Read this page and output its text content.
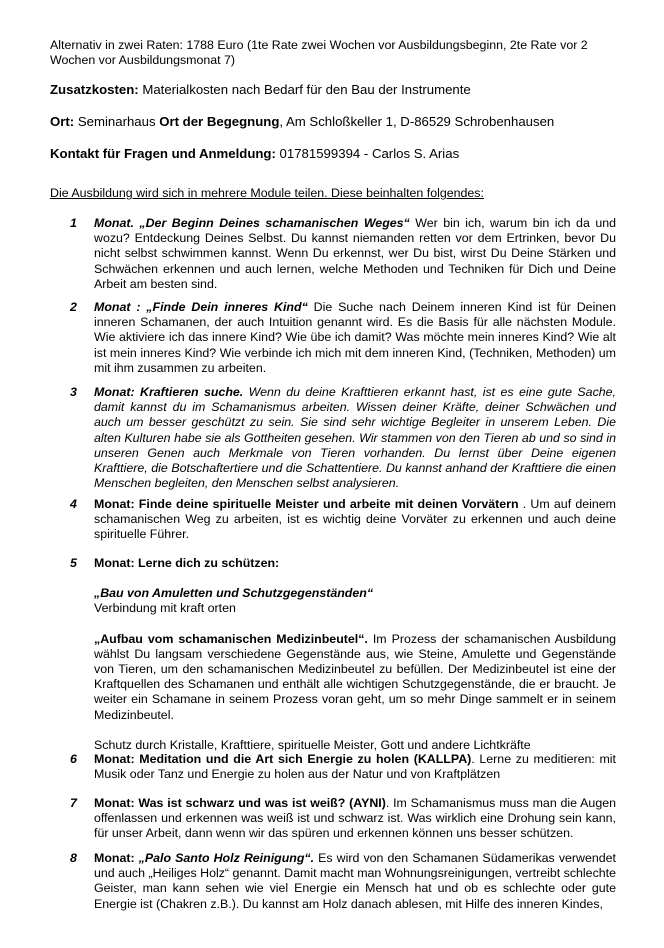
Alternativ in zwei Raten: 1788 Euro (1te Rate zwei Wochen vor Ausbildungsbeginn, 2te Rate vor 2 Wochen vor Ausbildungsmonat 7)
Zusatzkosten: Materialkosten nach Bedarf für den Bau der Instrumente
Ort: Seminarhaus Ort der Begegnung, Am Schloßkeller 1, D-86529 Schrobenhausen
Kontakt für Fragen und Anmeldung: 01781599394 - Carlos S. Arias
Die Ausbildung wird sich in mehrere Module teilen. Diese beinhalten folgendes:
1	Monat. „Der Beginn Deines schamanischen Weges“ Wer bin ich, warum bin ich da und wozu? Entdeckung Deines Selbst. Du kannst niemanden retten vor dem Ertrinken, bevor Du nicht selbst schwimmen kannst. Wenn Du erkennst, wer Du bist, wirst Du Deine Stärken und Schwächen erkennen und auch lernen, welche Methoden und Techniken für Dich und Deine Arbeit am besten sind.
2	Monat : „Finde Dein inneres Kind“ Die Suche nach Deinem inneren Kind ist für Deinen inneren Schamanen, der auch Intuition genannt wird. Es die Basis für alle nächsten Module. Wie aktiviere ich das innere Kind? Wie übe ich damit? Was möchte mein inneres Kind? Wie alt ist mein inneres Kind? Wie verbinde ich mich mit dem inneren Kind, (Techniken, Methoden) um mit ihm zusammen zu arbeiten.
3	Monat: Kraftieren suche. Wenn du deine Krafttieren erkannt hast, ist es eine gute Sache, damit kannst du im Schamanismus arbeiten. Wissen deiner Kräfte, deiner Schwächen und auch um besser geschützt zu sein. Sie sind sehr wichtige Begleiter in unserem Leben. Die alten Kulturen habe sie als Gottheiten gesehen. Wir stammen von den Tieren ab und so sind in unseren Genen auch Merkmale von Tieren vorhanden. Du lernst über Deine eigenen Krafttiere, die Botschaftertiere und die Schattentiere. Du kannst anhand der Krafttiere die einen Menschen begleiten, den Menschen selbst analysieren.
4	Monat: Finde deine spirituelle Meister und arbeite mit deinen Vorvätern . Um auf deinem schamanischen Weg zu arbeiten, ist es wichtig deine Vorväter zu erkennen und auch deine spirituelle Führer.
5	Monat: Lerne dich zu schützen:
„Bau von Amuletten und Schutzgegenständen“
Verbindung mit kraft orten
„Aufbau vom schamanischen Medizinbeutel“. Im Prozess der schamanischen Ausbildung wählst Du langsam verschiedene Gegenstände aus, wie Steine, Amulette und Gegenstände von Tieren, um den schamanischen Medizinbeutel zu befüllen. Der Medizinbeutel ist eine der Kraftquellen des Schamanen und enthält alle wichtigen Schutzgegenstände, die er braucht. Je weiter ein Schamane in seinem Prozess voran geht, um so mehr Dinge sammelt er in seinem Medizinbeutel.
Schutz durch Kristalle, Krafttiere, spirituelle Meister, Gott und andere Lichtkräfte
6	Monat: Meditation und die Art sich Energie zu holen (KALLPA). Lerne zu meditieren: mit Musik oder Tanz und Energie zu holen aus der Natur und von Kraftplätzen
7	Monat: Was ist schwarz und was ist weiß? (AYNI). Im Schamanismus muss man die Augen offenlassen und erkennen was weiß ist und schwarz ist. Was wirklich eine Drohung sein kann, für unser Arbeit, dann wenn wir das spüren und erkennen können uns besser schützen.
8	Monat: „Palo Santo Holz Reinigung“. Es wird von den Schamanen Südamerikas verwendet und auch „Heiliges Holz“ genannt. Damit macht man Wohnungsreinigungen, vertreibt schlechte Geister, man kann sehen wie viel Energie ein Mensch hat und ob es schlechte oder gute Energie ist (Chakren z.B.). Du kannst am Holz danach ablesen, mit Hilfe des inneren Kindes,
